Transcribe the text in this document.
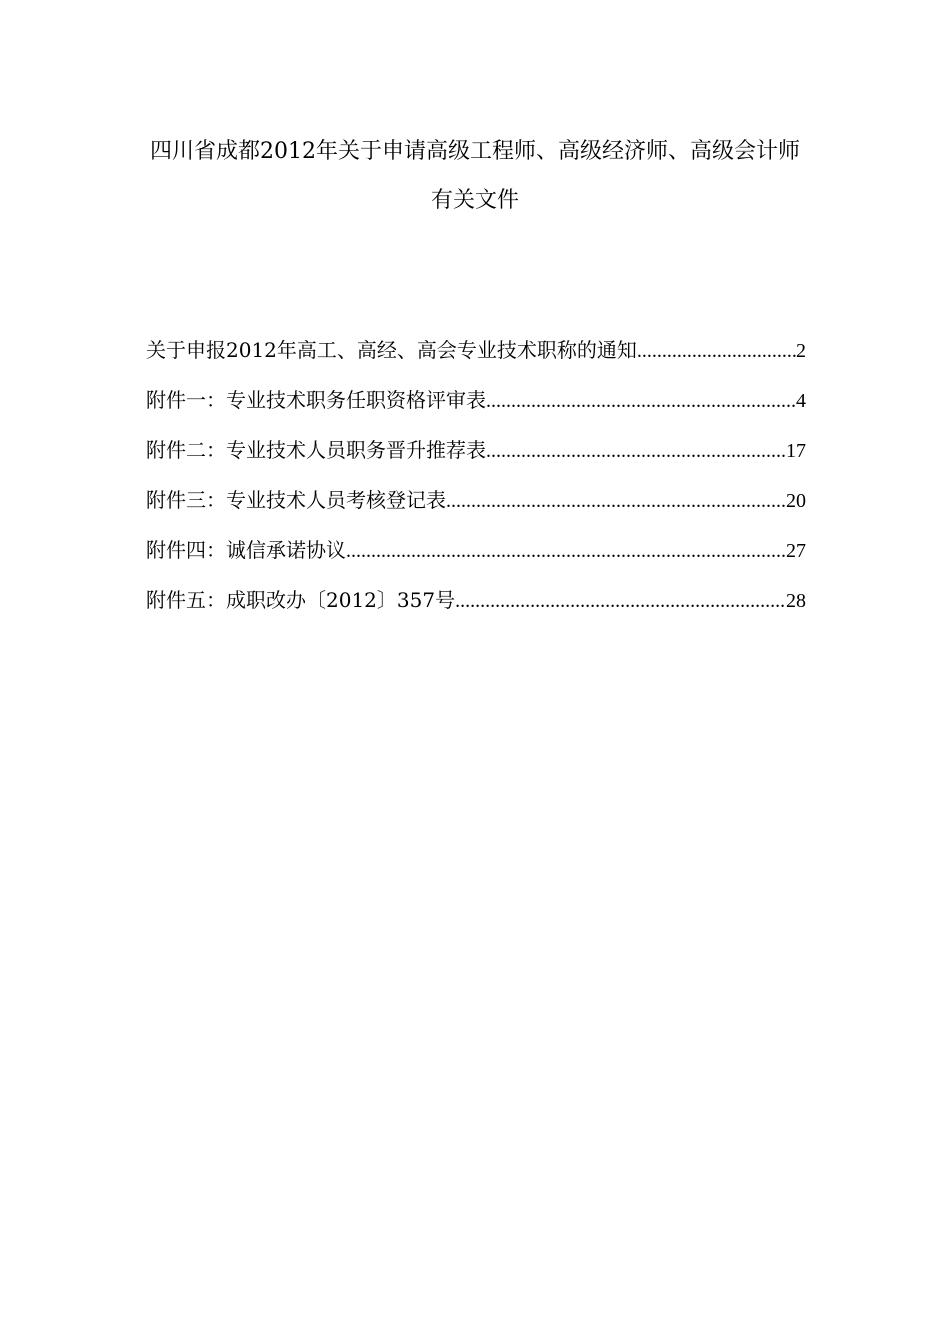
四川省成都2012年关于申请高级工程师、高级经济师、高级会计师
有关文件
关于申报2012年高工、高经、高会专业技术职称的通知 .....	2
附件一：专业技术职务任职资格评审表 .....	4
附件二：专业技术人员职务晋升推荐表 .....	17
附件三：专业技术人员考核登记表 .....	20
附件四：诚信承诺协议 .....	27
附件五：成职改办〔2012〕357号 .....	28
